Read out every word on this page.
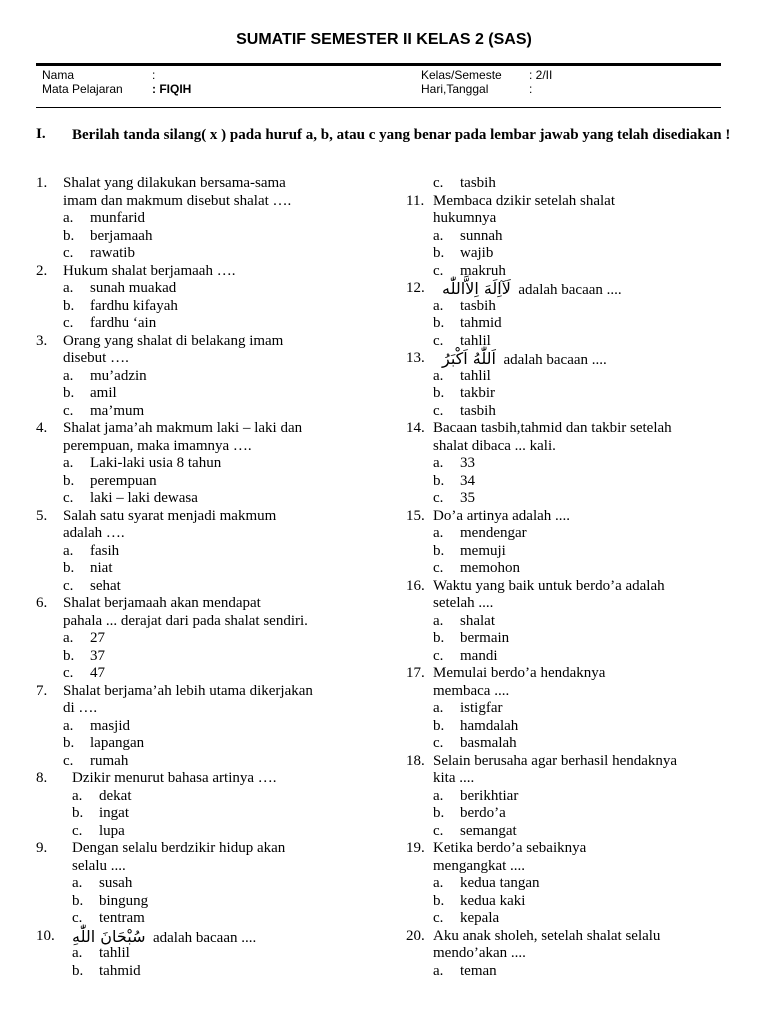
SUMATIF SEMESTER II KELAS 2 (SAS)
Nama	:
Mata Pelajaran : FIQIH
Kelas/Semeste : 2/II
Hari,Tanggal	:
I. Berilah tanda silang( x ) pada huruf a, b, atau c yang benar pada lembar jawab yang telah disediakan !
1. Shalat yang dilakukan bersama-sama
imam dan makmum disebut shalat ….
a. munfarid
b. berjamaah
c. rawatib
2. Hukum shalat berjamaah ….
a. sunah muakad
b. fardhu kifayah
c. fardhu ‘ain
3. Orang yang shalat di belakang imam
disebut ….
a. mu’adzin
b. amil
c. ma’mum
4. Shalat jama’ah makmum laki – laki dan
perempuan, maka imamnya ….
a. Laki-laki usia 8 tahun
b. perempuan
c. laki – laki dewasa
5. Salah satu syarat menjadi makmum
adalah ….
a. fasih
b. niat
c. sehat
6. Shalat berjamaah akan mendapat
pahala ... derajat dari pada shalat sendiri.
a. 27
b. 37
c. 47
7. Shalat berjama’ah lebih utama dikerjakan
di ….
a. masjid
b. lapangan
c. rumah
8. Dzikir menurut bahasa artinya ….
a. dekat
b. ingat
c. lupa
9. Dengan selalu berdzikir hidup akan
selalu ....
a. susah
b. bingung
c. tentram
10. سُبْحَانَ اللّٰهِ adalah bacaan ....
a. tahlil
b. tahmid
c. tasbih
11. Membaca dzikir setelah shalat
hukumnya
a. sunnah
b. wajib
c. makruh
12. لَآاِلَهَ اِلاَّاللّٰه adalah bacaan ....
a. tasbih
b. tahmid
c. tahlil
13. اَللّٰهُ اَكْبَرُ adalah bacaan ....
a. tahlil
b. takbir
c. tasbih
14. Bacaan tasbih,tahmid dan takbir setelah
shalat dibaca ... kali.
a. 33
b. 34
c. 35
15. Do’a artinya adalah ....
a. mendengar
b. memuji
c. memohon
16. Waktu yang baik untuk berdo’a adalah
setelah ....
a. shalat
b. bermain
c. mandi
17. Memulai berdo’a hendaknya
membaca ....
a. istigfar
b. hamdalah
c. basmalah
18. Selain berusaha agar berhasil hendaknya
kita ....
a. berikhtiar
b. berdo’a
c. semangat
19. Ketika berdo’a sebaiknya
mengangkat ....
a. kedua tangan
b. kedua kaki
c. kepala
20. Aku anak sholeh, setelah shalat selalu
mendo’akan ....
a. teman
